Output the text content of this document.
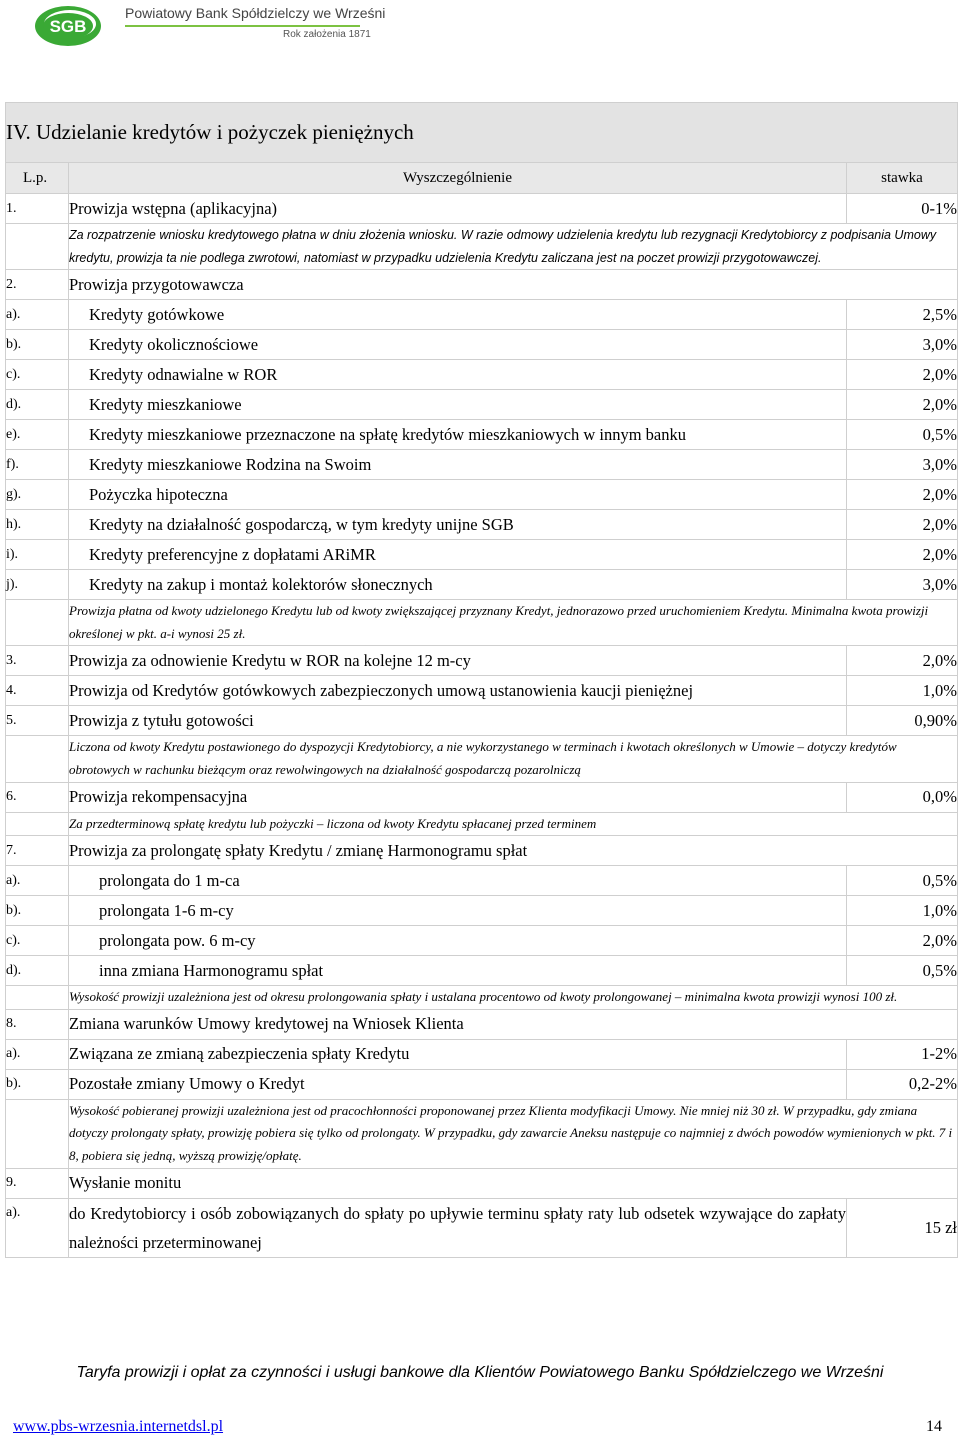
SGB
Powiatowy Bank Spółdzielczy we Wrześni
Rok założenia 1871
IV. Udzielanie kredytów i pożyczek pieniężnych		
L.p.	Wyszczególnienie	stawka
1.	Prowizja wstępna (aplikacyjna)	0-1%
	Za rozpatrzenie wniosku kredytowego płatna w dniu złożenia wniosku. W razie odmowy udzielenia kredytu lub rezygnacji Kredytobiorcy z podpisania Umowy kredytu, prowizja ta nie podlega zwrotowi, natomiast w przypadku udzielenia Kredytu zaliczana jest na poczet prowizji przygotowawczej.	
2.	Prowizja przygotowawcza	
a).	Kredyty gotówkowe	2,5%
b).	Kredyty okolicznościowe	3,0%
c).	Kredyty odnawialne w ROR	2,0%
d).	Kredyty mieszkaniowe	2,0%
e).	Kredyty mieszkaniowe przeznaczone na spłatę kredytów mieszkaniowych w innym banku	0,5%
f).	Kredyty mieszkaniowe Rodzina na Swoim	3,0%
g).	Pożyczka hipoteczna	2,0%
h).	Kredyty na działalność gospodarczą, w tym kredyty unijne SGB	2,0%
i).	Kredyty preferencyjne z dopłatami ARiMR	2,0%
j).	Kredyty na zakup i montaż kolektorów słonecznych	3,0%
	Prowizja płatna od kwoty udzielonego Kredytu lub od kwoty zwiększającej przyznany Kredyt, jednorazowo przed uruchomieniem Kredytu. Minimalna kwota prowizji określonej w pkt. a-i wynosi 25 zł.	
3.	Prowizja za odnowienie Kredytu w ROR na kolejne 12 m-cy	2,0%
4.	Prowizja od Kredytów gotówkowych zabezpieczonych umową ustanowienia kaucji pieniężnej	1,0%
5.	Prowizja z tytułu gotowości	0,90%
	Liczona od kwoty Kredytu postawionego do dyspozycji Kredytobiorcy, a nie wykorzystanego w terminach i kwotach określonych w Umowie – dotyczy kredytów obrotowych w rachunku bieżącym oraz rewolwingowych na działalność gospodarczą pozarolniczą	
6.	Prowizja rekompensacyjna	0,0%
	Za przedterminową spłatę kredytu lub pożyczki – liczona od kwoty Kredytu spłacanej przed terminem	
7.	Prowizja za prolongatę spłaty Kredytu / zmianę Harmonogramu spłat	
a).	prolongata do 1 m-ca	0,5%
b).	prolongata 1-6 m-cy	1,0%
c).	prolongata pow. 6 m-cy	2,0%
d).	inna zmiana Harmonogramu spłat	0,5%
	Wysokość prowizji uzależniona jest od okresu prolongowania spłaty i ustalana procentowo od kwoty prolongowanej – minimalna kwota prowizji wynosi 100 zł.	
8.	Zmiana warunków Umowy kredytowej na Wniosek Klienta	
a).	Związana ze zmianą zabezpieczenia spłaty Kredytu	1-2%
b).	Pozostałe zmiany Umowy o Kredyt	0,2-2%
	Wysokość pobieranej prowizji uzależniona jest od pracochłonności proponowanej przez Klienta modyfikacji Umowy. Nie mniej niż 30 zł. W przypadku, gdy zmiana dotyczy prolongaty spłaty, prowizję pobiera się tylko od prolongaty. W przypadku, gdy zawarcie Aneksu następuje co najmniej z dwóch powodów wymienionych w pkt. 7 i 8, pobiera się jedną, wyższą prowizję/opłatę.	
9.	Wysłanie monitu	
a).	do Kredytobiorcy i osób zobowiązanych do spłaty po upływie terminu spłaty raty lub odsetek wzywające do zapłaty należności przeterminowanej	15 zł
Taryfa prowizji i opłat za czynności i usługi bankowe dla Klientów Powiatowego Banku Spółdzielczego we Wrześni
www.pbs-wrzesnia.internetdsl.pl	14
